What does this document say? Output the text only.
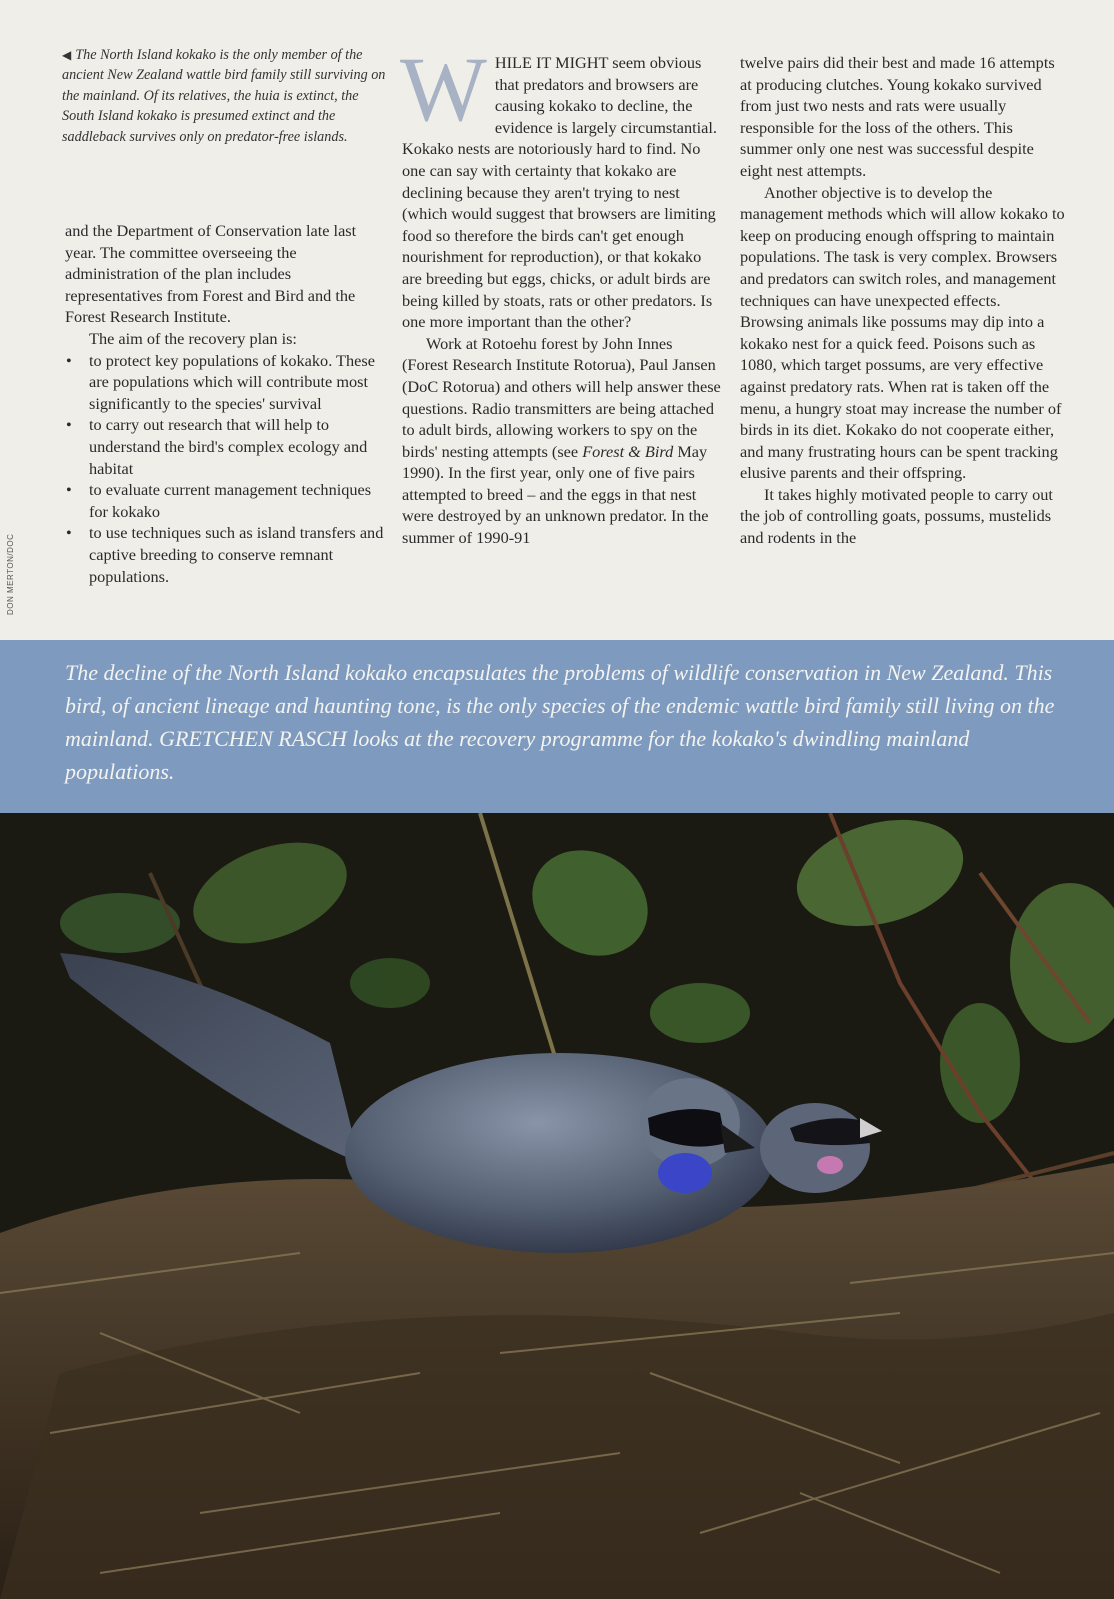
DON MERTON/DOC
◀ The North Island kokako is the only member of the ancient New Zealand wattle bird family still surviving on the mainland. Of its relatives, the huia is extinct, the South Island kokako is presumed extinct and the saddleback survives only on predator-free islands.

and the Department of Conservation late last year. The committee overseeing the administration of the plan includes representatives from Forest and Bird and the Forest Research Institute.

The aim of the recovery plan is:

• to protect key populations of kokako. These are populations which will contribute most significantly to the species' survival
• to carry out research that will help to understand the bird's complex ecology and habitat
• to evaluate current management techniques for kokako
• to use techniques such as island transfers and captive breeding to conserve remnant populations.

WHILE IT MIGHT seem obvious that predators and browsers are causing kokako to decline, the evidence is largely circumstantial. Kokako nests are notoriously hard to find. No one can say with certainty that kokako are declining because they aren't trying to nest (which would suggest that browsers are limiting food so therefore the birds can't get enough nourishment for reproduction), or that kokako are breeding but eggs, chicks, or adult birds are being killed by stoats, rats or other predators. Is one more important than the other?

Work at Rotoehu forest by John Innes (Forest Research Institute Rotorua), Paul Jansen (DoC Rotorua) and others will help answer these questions. Radio transmitters are being attached to adult birds, allowing workers to spy on the birds' nesting attempts (see Forest & Bird May 1990). In the first year, only one of five pairs attempted to breed – and the eggs in that nest were destroyed by an unknown predator. In the summer of 1990-91

twelve pairs did their best and made 16 attempts at producing clutches. Young kokako survived from just two nests and rats were usually responsible for the loss of the others. This summer only one nest was successful despite eight nest attempts.

Another objective is to develop the management methods which will allow kokako to keep on producing enough offspring to maintain populations. The task is very complex. Browsers and predators can switch roles, and management techniques can have unexpected effects. Browsing animals like possums may dip into a kokako nest for a quick feed. Poisons such as 1080, which target possums, are very effective against predatory rats. When rat is taken off the menu, a hungry stoat may increase the number of birds in its diet. Kokako do not cooperate either, and many frustrating hours can be spent tracking elusive parents and their offspring.

It takes highly motivated people to carry out the job of controlling goats, possums, mustelids and rodents in the

The decline of the North Island kokako encapsulates the problems of wildlife conservation in New Zealand. This bird, of ancient lineage and haunting tone, is the only species of the endemic wattle bird family still living on the mainland. GRETCHEN RASCH looks at the recovery programme for the kokako's dwindling mainland populations.
